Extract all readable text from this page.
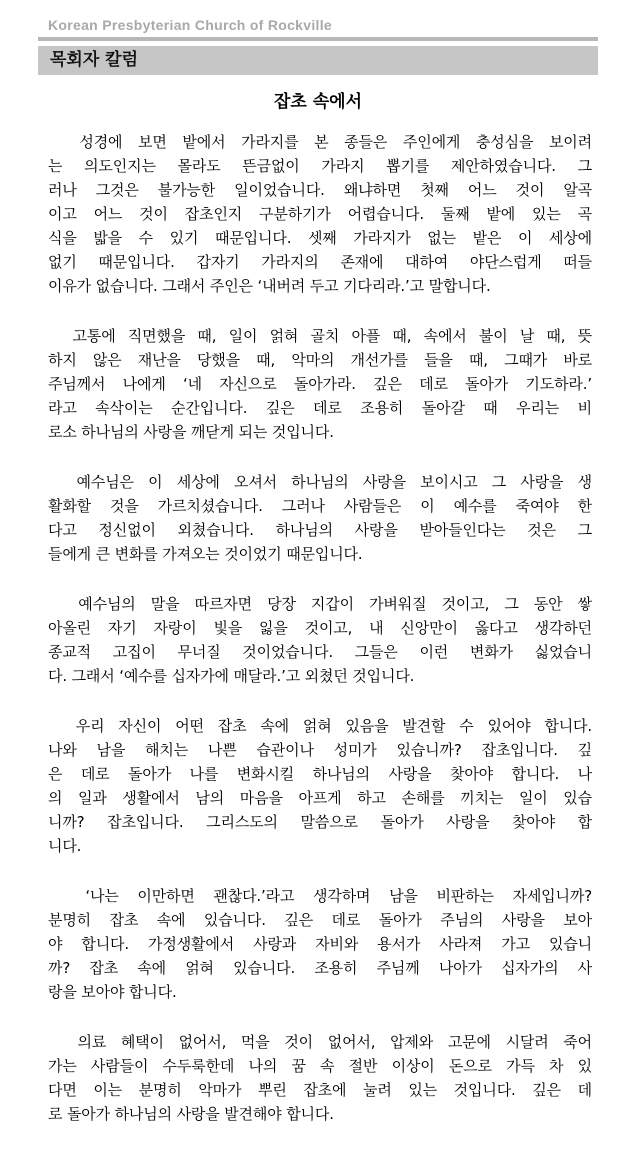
Korean Presbyterian Church of Rockville
목회자 칼럼
잡초 속에서
성경에 보면 밭에서 가라지를 본 종들은 주인에게 충성심을 보이려
는 의도인지는 몰라도 뜬금없이 가라지 뽑기를 제안하였습니다. 그
러나 그것은 불가능한 일이었습니다. 왜냐하면 첫째 어느 것이 알곡
이고 어느 것이 잡초인지 구분하기가 어렵습니다. 둘째 밭에 있는 곡
식을 밟을 수 있기 때문입니다. 셋째 가라지가 없는 밭은 이 세상에
없기 때문입니다. 갑자기 가라지의 존재에 대하여 야단스럽게 떠들
이유가 없습니다. 그래서 주인은 ‘내버려 두고 기다리라.’고 말합니다.
고통에 직면했을 때, 일이 얽혀 골치 아플 때, 속에서 불이 날 때, 뜻
하지 않은 재난을 당했을 때, 악마의 개선가를 들을 때, 그때가 바로
주님께서 나에게 ‘네 자신으로 돌아가라. 깊은 데로 돌아가 기도하라.’
라고 속삭이는 순간입니다. 깊은 데로 조용히 돌아갈 때 우리는 비
로소 하나님의 사랑을 깨닫게 되는 것입니다.
예수님은 이 세상에 오셔서 하나님의 사랑을 보이시고 그 사랑을 생
활화할 것을 가르치셨습니다. 그러나 사람들은 이 예수를 죽여야 한
다고 정신없이 외쳤습니다. 하나님의 사랑을 받아들인다는 것은 그
들에게 큰 변화를 가져오는 것이었기 때문입니다.
예수님의 말을 따르자면 당장 지갑이 가벼워질 것이고, 그 동안 쌓
아올린 자기 자랑이 빛을 잃을 것이고, 내 신앙만이 옳다고 생각하던
종교적 고집이 무너질 것이었습니다. 그들은 이런 변화가 싫었습니
다. 그래서 ‘예수를 십자가에 매달라.’고 외쳤던 것입니다.
우리 자신이 어떤 잡초 속에 얽혀 있음을 발견할 수 있어야 합니다.
나와 남을 해치는 나쁜 습관이나 성미가 있습니까? 잡초입니다. 깊
은 데로 돌아가 나를 변화시킬 하나님의 사랑을 찾아야 합니다. 나
의 일과 생활에서 남의 마음을 아프게 하고 손해를 끼치는 일이 있습
니까? 잡초입니다. 그리스도의 말씀으로 돌아가 사랑을 찾아야 합
니다.
‘나는 이만하면 괜찮다.’라고 생각하며 남을 비판하는 자세입니까?
분명히 잡초 속에 있습니다. 깊은 데로 돌아가 주님의 사랑을 보아
야 합니다. 가정생활에서 사랑과 자비와 용서가 사라져 가고 있습니
까? 잡초 속에 얽혀 있습니다. 조용히 주님께 나아가 십자가의 사
랑을 보아야 합니다.
의료 혜택이 없어서, 먹을 것이 없어서, 압제와 고문에 시달려 죽어
가는 사람들이 수두룩한데 나의 꿈 속 절반 이상이 돈으로 가득 차 있
다면 이는 분명히 악마가 뿌린 잡초에 눌려 있는 것입니다. 깊은 데
로 돌아가 하나님의 사랑을 발견해야 합니다.
